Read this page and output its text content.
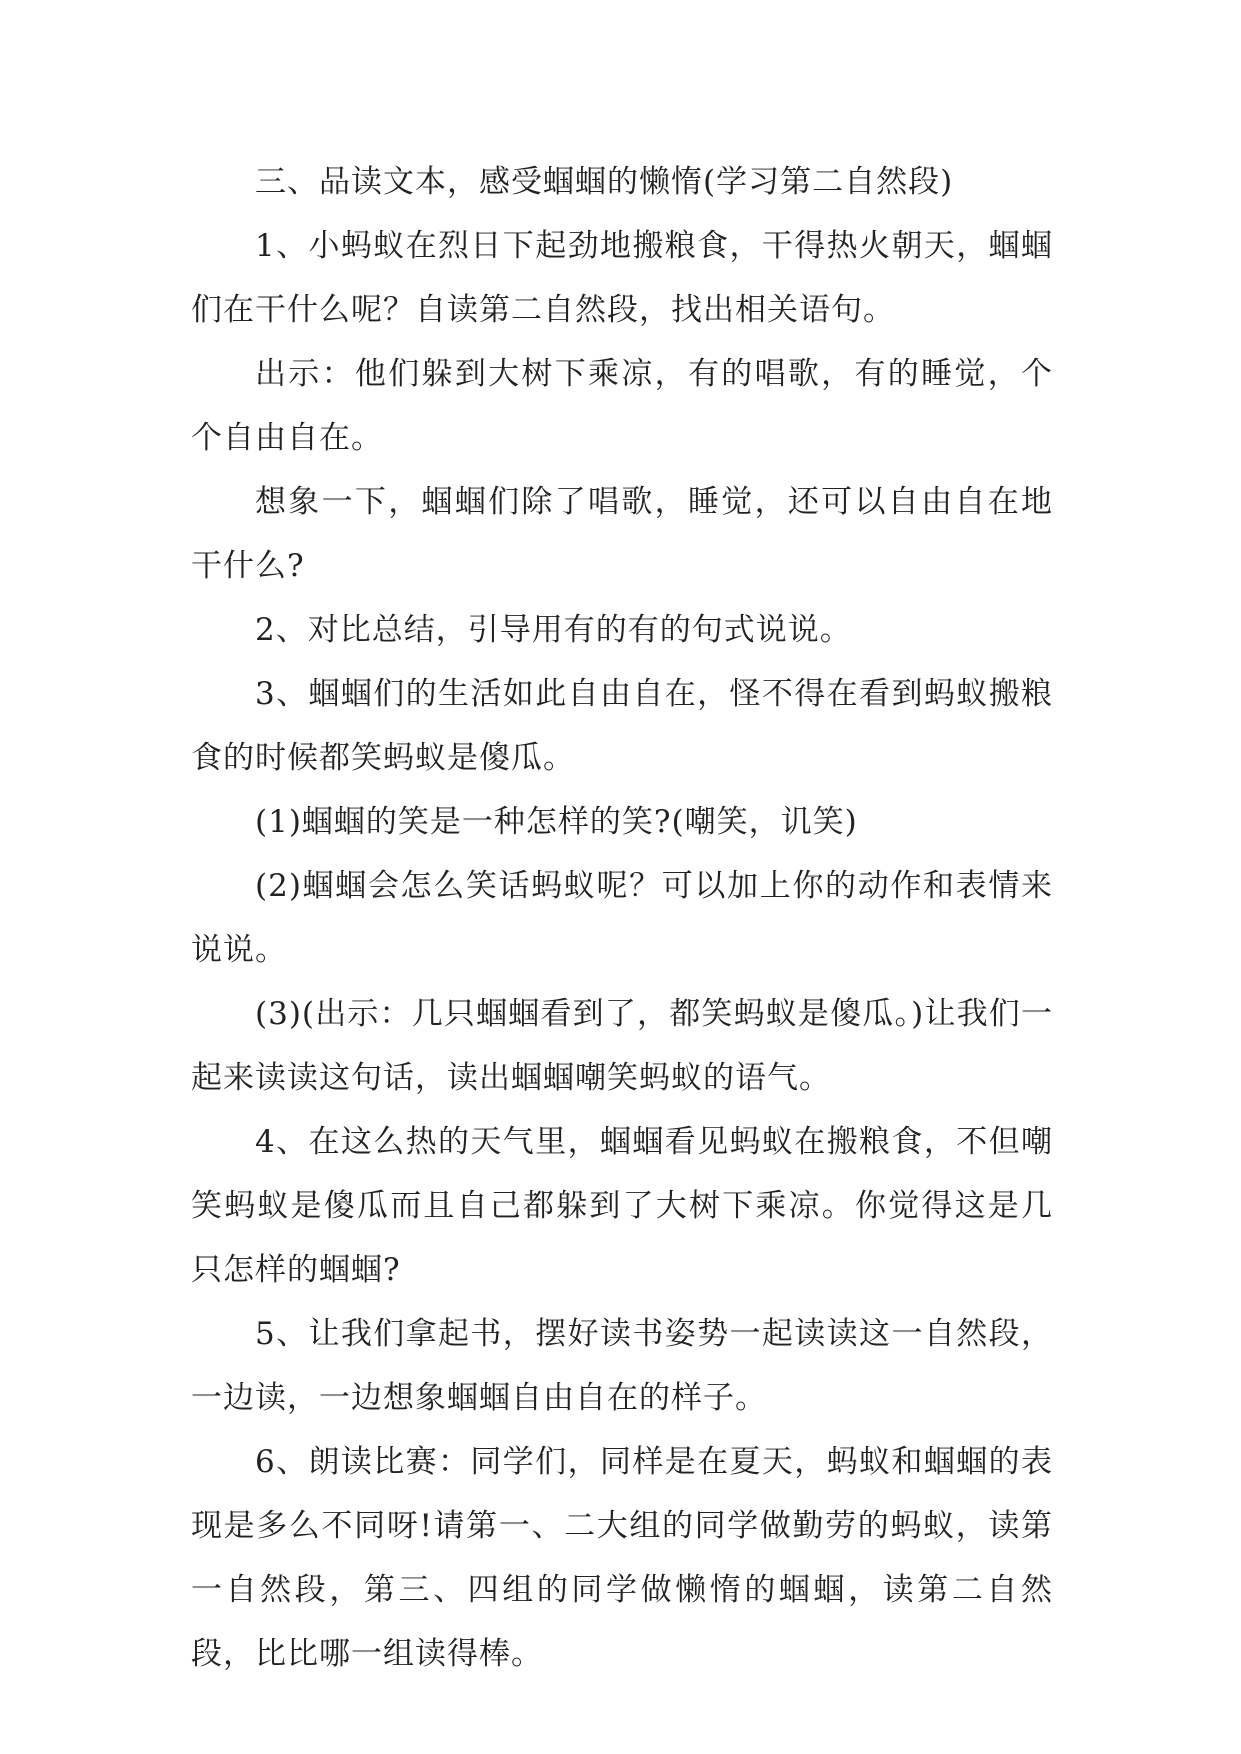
三、品读文本，感受蝈蝈的懒惰(学习第二自然段)

1、小蚂蚁在烈日下起劲地搬粮食，干得热火朝天，蝈蝈们在干什么呢？自读第二自然段，找出相关语句。

出示：他们躲到大树下乘凉，有的唱歌，有的睡觉，个个自由自在。

想象一下，蝈蝈们除了唱歌，睡觉，还可以自由自在地干什么?

2、对比总结，引导用有的有的句式说说。

3、蝈蝈们的生活如此自由自在，怪不得在看到蚂蚁搬粮食的时候都笑蚂蚁是傻瓜。

(1)蝈蝈的笑是一种怎样的笑?(嘲笑，讥笑)

(2)蝈蝈会怎么笑话蚂蚁呢？可以加上你的动作和表情来说说。

(3)(出示：几只蝈蝈看到了，都笑蚂蚁是傻瓜。)让我们一起来读读这句话，读出蝈蝈嘲笑蚂蚁的语气。

4、在这么热的天气里，蝈蝈看见蚂蚁在搬粮食，不但嘲笑蚂蚁是傻瓜而且自己都躲到了大树下乘凉。你觉得这是几只怎样的蝈蝈?

5、让我们拿起书，摆好读书姿势一起读读这一自然段，一边读，一边想象蝈蝈自由自在的样子。

6、朗读比赛：同学们，同样是在夏天，蚂蚁和蝈蝈的表现是多么不同呀!请第一、二大组的同学做勤劳的蚂蚁，读第一自然段，第三、四组的同学做懒惰的蝈蝈，读第二自然段，比比哪一组读得棒。
